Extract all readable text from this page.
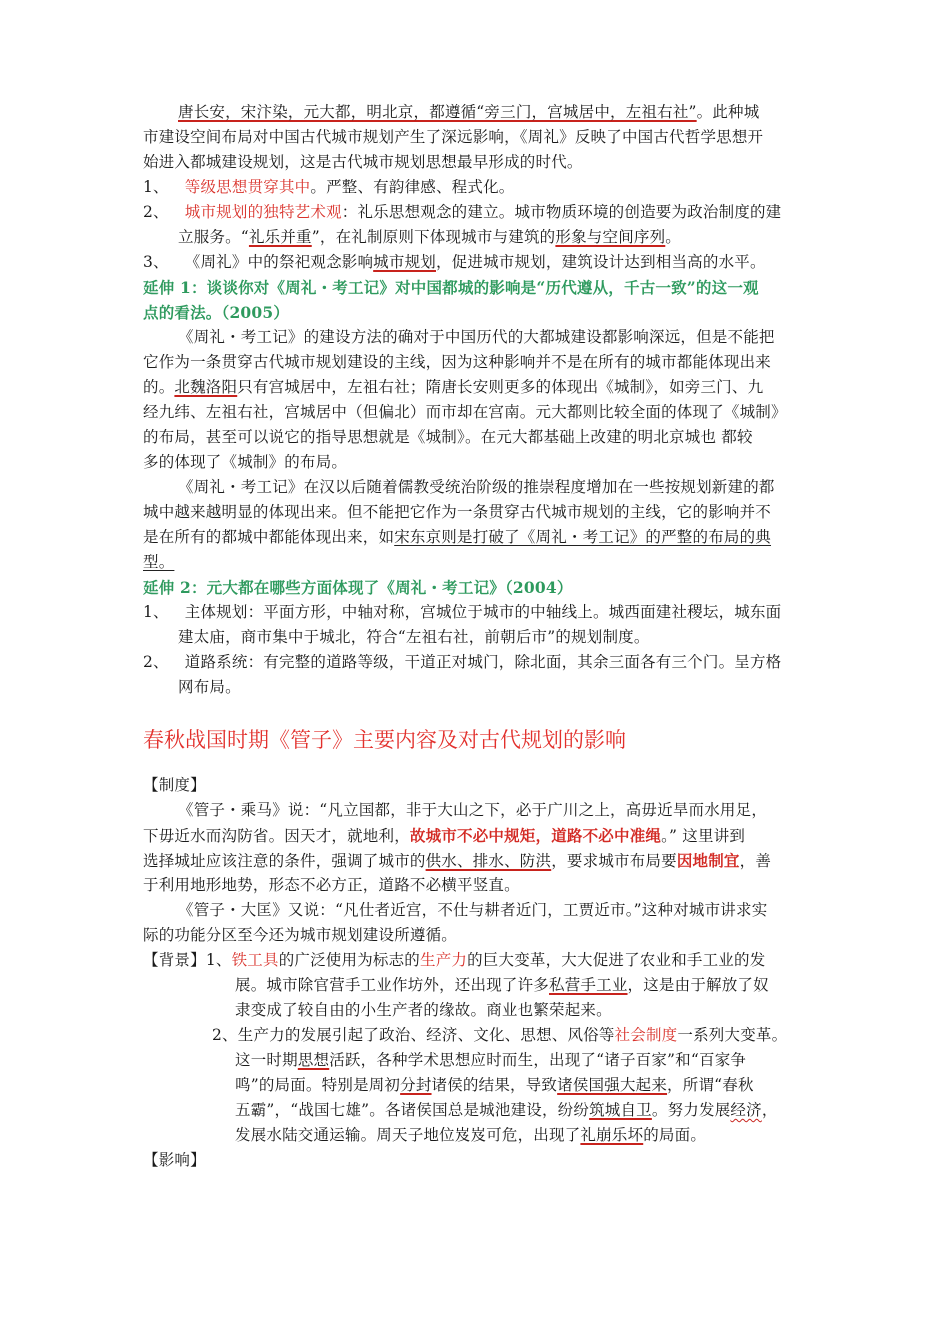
唐长安，宋汴染，元大都，明北京，都遵循“旁三门，宫城居中，左祖右社”。此种城
市建设空间布局对中国古代城市规划产生了深远影响，《周礼》反映了中国古代哲学思想开
始进入都城建设规划，这是古代城市规划思想最早形成的时代。
1、 等级思想贯穿其中。严整、有韵律感、程式化。
2、 城市规划的独特艺术观：礼乐思想观念的建立。城市物质环境的创造要为政治制度的建
立服务。“礼乐并重”，在礼制原则下体现城市与建筑的形象与空间序列。
3、 《周礼》中的祭祀观念影响城市规划，促进城市规划，建筑设计达到相当高的水平。
延伸 1：谈谈你对《周礼・考工记》对中国都城的影响是“历代遵从，千古一致”的这一观
点的看法。（2005）
《周礼・考工记》的建设方法的确对于中国历代的大都城建设都影响深远，但是不能把
它作为一条贯穿古代城市规划建设的主线，因为这种影响并不是在所有的城市都能体现出来
的。北魏洛阳只有宫城居中，左祖右社；隋唐长安则更多的体现出《城制》，如旁三门、九
经九纬、左祖右社，宫城居中（但偏北）而市却在宫南。元大都则比较全面的体现了《城制》
的布局，甚至可以说它的指导思想就是《城制》。在元大都基础上改建的明北京城也 都较
多的体现了《城制》的布局。
《周礼・考工记》在汉以后随着儒教受统治阶级的推崇程度增加在一些按规划新建的都
城中越来越明显的体现出来。但不能把它作为一条贯穿古代城市规划的主线，它的影响并不
是在所有的都城中都能体现出来，如宋东京则是打破了《周礼・考工记》的严整的布局的典
型。
延伸 2：元大都在哪些方面体现了《周礼・考工记》（2004）
1、 主体规划：平面方形，中轴对称，宫城位于城市的中轴线上。城西面建社稷坛，城东面
建太庙，商市集中于城北，符合“左祖右社，前朝后市”的规划制度。
2、 道路系统：有完整的道路等级，干道正对城门，除北面，其余三面各有三个门。呈方格
网布局。
春秋战国时期《管子》主要内容及对古代规划的影响
【制度】
《管子・乘马》说：“凡立国都，非于大山之下，必于广川之上，高毋近旱而水用足，
下毋近水而沟防省。因天才，就地利，故城市不必中规矩，道路不必中准绳。” 这里讲到
选择城址应该注意的条件，强调了城市的供水、排水、防洪，要求城市布局要因地制宜，善
于利用地形地势，形态不必方正，道路不必横平竖直。
《管子・大匡》又说：“凡仕者近宫，不仕与耕者近门，工贾近市。”这种对城市讲求实
际的功能分区至今还为城市规划建设所遵循。
【背景】1、铁工具的广泛使用为标志的生产力的巨大变革，大大促进了农业和手工业的发
展。城市除官营手工业作坊外，还出现了许多私营手工业，这是由于解放了奴
隶变成了较自由的小生产者的缘故。商业也繁荣起来。
2、生产力的发展引起了政治、经济、文化、思想、风俗等社会制度一系列大变革。
这一时期思想活跃，各种学术思想应时而生，出现了“诸子百家”和“百家争
鸣”的局面。特别是周初分封诸侯的结果，导致诸侯国强大起来，所谓“春秋
五霸”，“战国七雄”。各诸侯国总是城池建设，纷纷筑城自卫。努力发展经济，
发展水陆交通运输。周天子地位岌岌可危，出现了礼崩乐坏的局面。
【影响】
